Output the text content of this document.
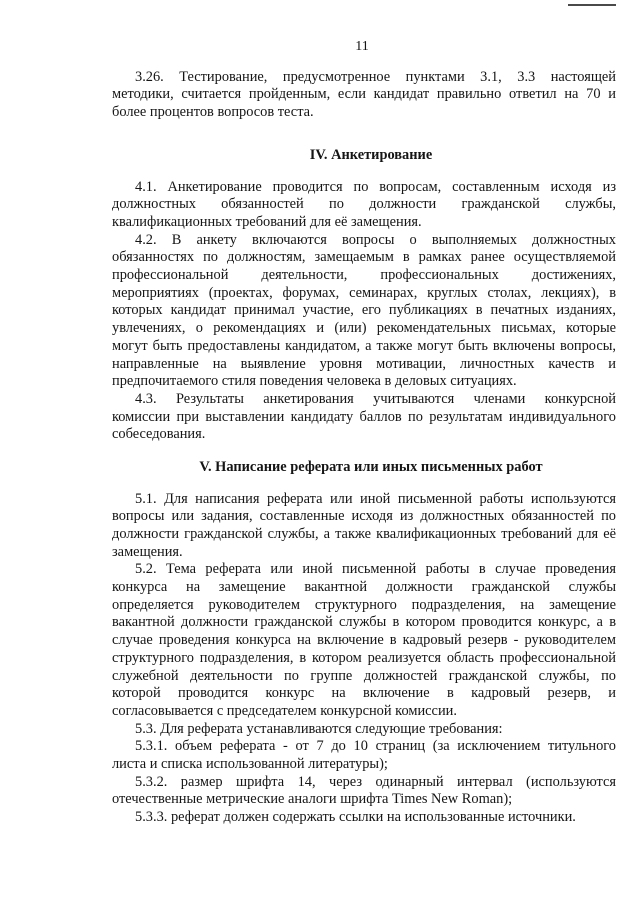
11
3.26. Тестирование, предусмотренное пунктами 3.1, 3.3 настоящей
методики, считается пройденным, если кандидат правильно ответил на 70 и
более процентов вопросов теста.
IV. Анкетирование
4.1. Анкетирование проводится по вопросам, составленным исходя из
должностных обязанностей по должности гражданской службы,
квалификационных требований для её замещения.
4.2. В анкету включаются вопросы о выполняемых должностных
обязанностях по должностям, замещаемым в рамках ранее осуществляемой
профессиональной деятельности, профессиональных достижениях,
мероприятиях (проектах, форумах, семинарах, круглых столах, лекциях), в
которых кандидат принимал участие, его публикациях в печатных изданиях,
увлечениях, о рекомендациях и (или) рекомендательных письмах, которые
могут быть предоставлены кандидатом, а также могут быть включены вопросы,
направленные на выявление уровня мотивации, личностных качеств и
предпочитаемого стиля поведения человека в деловых ситуациях.
4.3. Результаты анкетирования учитываются членами конкурсной
комиссии при выставлении кандидату баллов по результатам индивидуального
собеседования.
V. Написание реферата или иных письменных работ
5.1. Для написания реферата или иной письменной работы используются
вопросы или задания, составленные исходя из должностных обязанностей по
должности гражданской службы, а также квалификационных требований для её
замещения.
5.2. Тема реферата или иной письменной работы в случае проведения
конкурса на замещение вакантной должности гражданской службы
определяется руководителем структурного подразделения, на замещение
вакантной должности гражданской службы в котором проводится конкурс, а в
случае проведения конкурса на включение в кадровый резерв - руководителем
структурного подразделения, в котором реализуется область профессиональной
служебной деятельности по группе должностей гражданской службы, по
которой проводится конкурс на включение в кадровый резерв, и
согласовывается с председателем конкурсной комиссии.
5.3. Для реферата устанавливаются следующие требования:
5.3.1. объем реферата - от 7 до 10 страниц (за исключением титульного
листа и списка использованной литературы);
5.3.2. размер шрифта 14, через одинарный интервал (используются
отечественные метрические аналоги шрифта Times New Roman);
5.3.3. реферат должен содержать ссылки на использованные источники.
